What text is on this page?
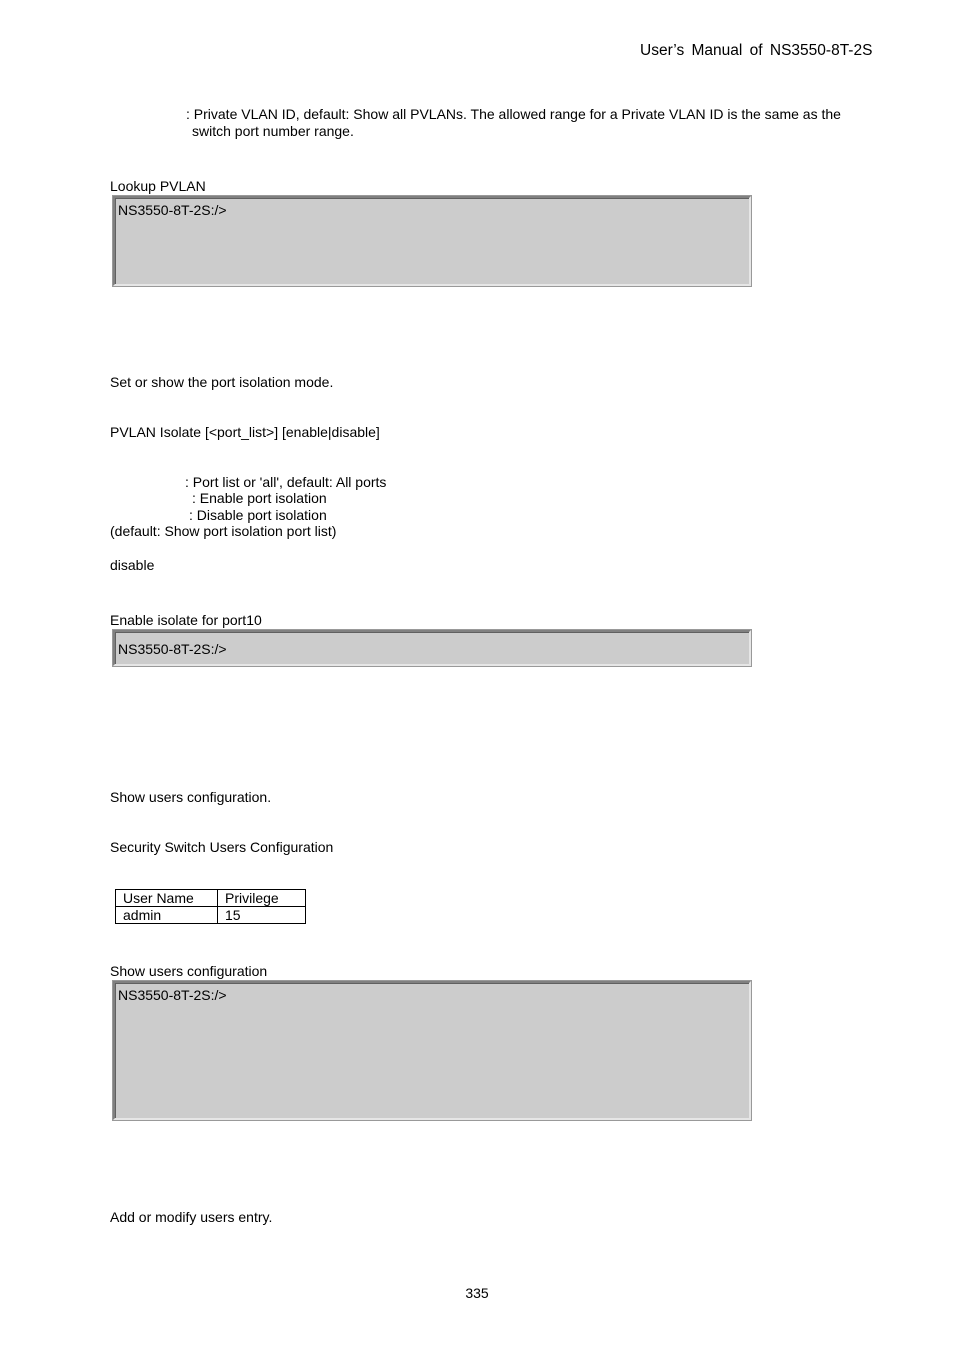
User’s Manual of NS3550-8T-2S
: Private VLAN ID, default: Show all PVLANs. The allowed range for a Private VLAN ID is the same as the
switch port number range.
Lookup PVLAN
NS3550-8T-2S:/>
Set or show the port isolation mode.
PVLAN Isolate [<port_list>] [enable|disable]
: Port list or 'all', default: All ports
: Enable port isolation
: Disable port isolation
(default: Show port isolation port list)
disable
Enable isolate for port10
NS3550-8T-2S:/>
Show users configuration.
Security Switch Users Configuration
User Name	Privilege
admin	15
Show users configuration
NS3550-8T-2S:/>
Add or modify users entry.
335
